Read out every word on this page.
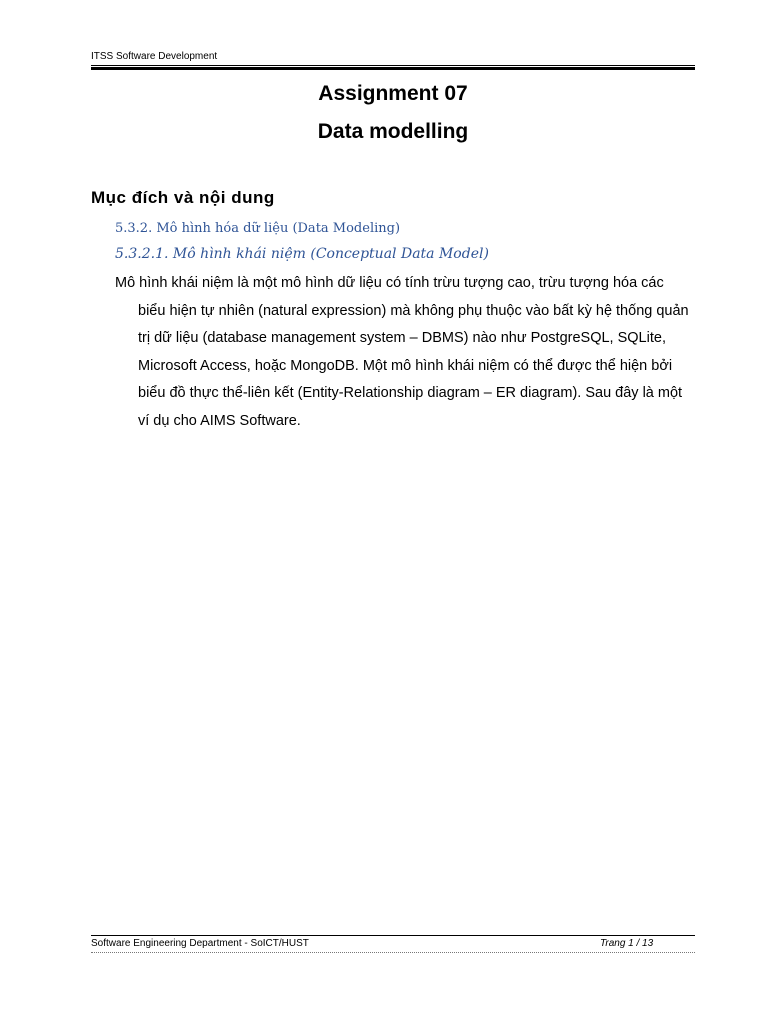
ITSS Software Development
Assignment 07
Data modelling
Mục đích và nội dung
5.3.2. Mô hình hóa dữ liệu (Data Modeling)
5.3.2.1. Mô hình khái niệm (Conceptual Data Model)
Mô hình khái niệm là một mô hình dữ liệu có tính trừu tượng cao, trừu tượng hóa các biểu hiện tự nhiên (natural expression) mà không phụ thuộc vào bất kỳ hệ thống quản trị dữ liệu (database management system – DBMS) nào như PostgreSQL, SQLite, Microsoft Access, hoặc MongoDB. Một mô hình khái niệm có thể được thể hiện bởi biểu đồ thực thể-liên kết (Entity-Relationship diagram – ER diagram). Sau đây là một ví dụ cho AIMS Software.
Software Engineering Department - SoICT/HUST	Trang 1 / 13
